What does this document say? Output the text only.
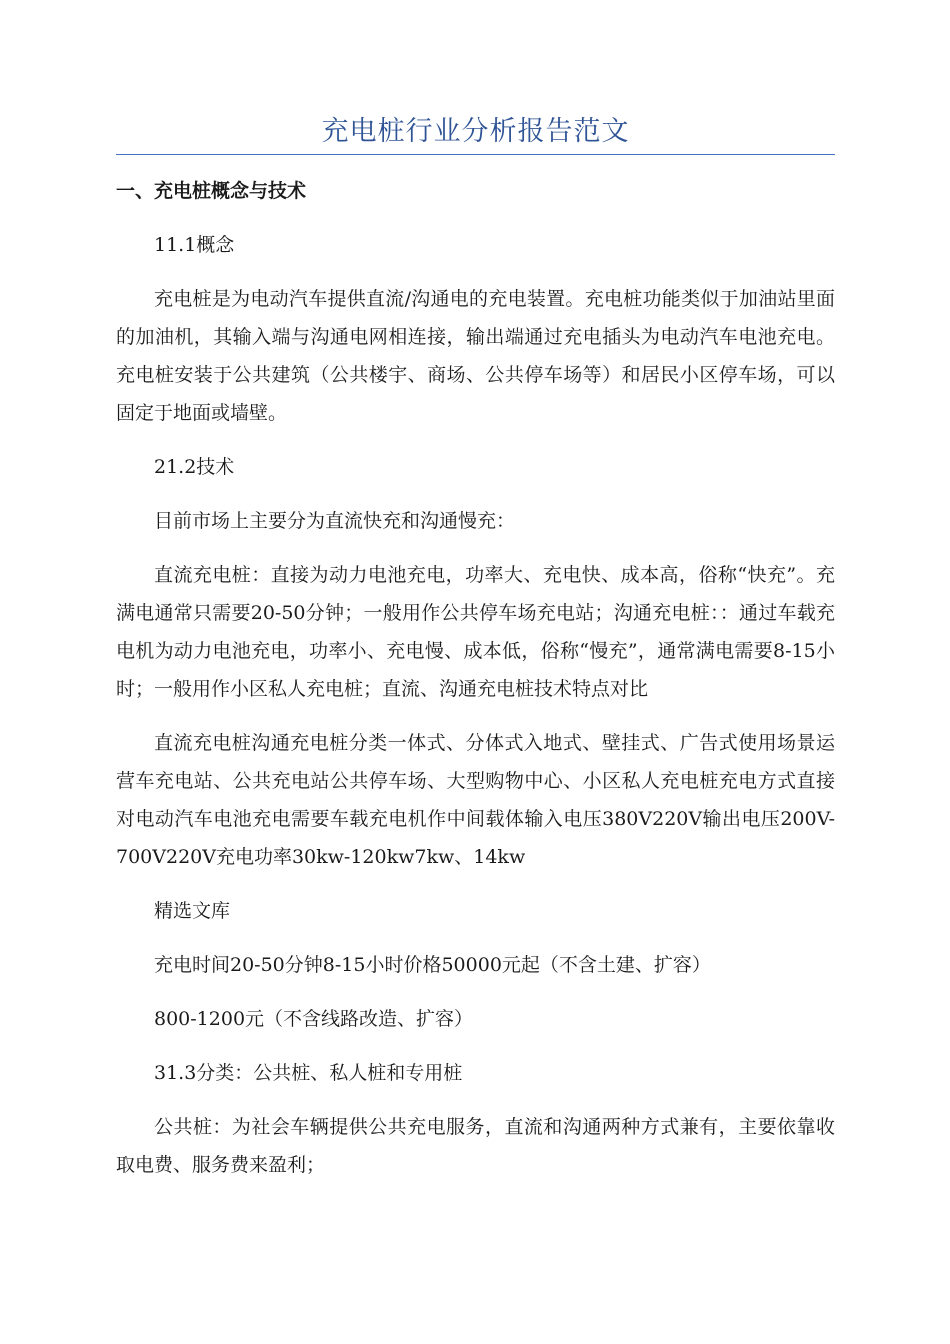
充电桩行业分析报告范文
一、充电桩概念与技术

11.1概念

充电桩是为电动汽车提供直流/沟通电的充电装置。充电桩功能类似于加油站里面的加油机，其输入端与沟通电网相连接，输出端通过充电插头为电动汽车电池充电。充电桩安装于公共建筑（公共楼宇、商场、公共停车场等）和居民小区停车场，可以固定于地面或墙壁。

21.2技术

目前市场上主要分为直流快充和沟通慢充：

直流充电桩：直接为动力电池充电，功率大、充电快、成本高，俗称“快充”。充满电通常只需要20-50分钟；一般用作公共停车场充电站；沟通充电桩：：通过车载充电机为动力电池充电，功率小、充电慢、成本低，俗称“慢充”，通常满电需要8-15小时；一般用作小区私人充电桩；直流、沟通充电桩技术特点对比

直流充电桩沟通充电桩分类一体式、分体式入地式、壁挂式、广告式使用场景运营车充电站、公共充电站公共停车场、大型购物中心、小区私人充电桩充电方式直接对电动汽车电池充电需要车载充电机作中间载体输入电压380V220V输出电压200V-700V220V充电功率30kw-120kw7kw、14kw

精选文库

充电时间20-50分钟8-15小时价格50000元起（不含土建、扩容）

800-1200元（不含线路改造、扩容）

31.3分类：公共桩、私人桩和专用桩

公共桩：为社会车辆提供公共充电服务，直流和沟通两种方式兼有，主要依靠收取电费、服务费来盈利；
